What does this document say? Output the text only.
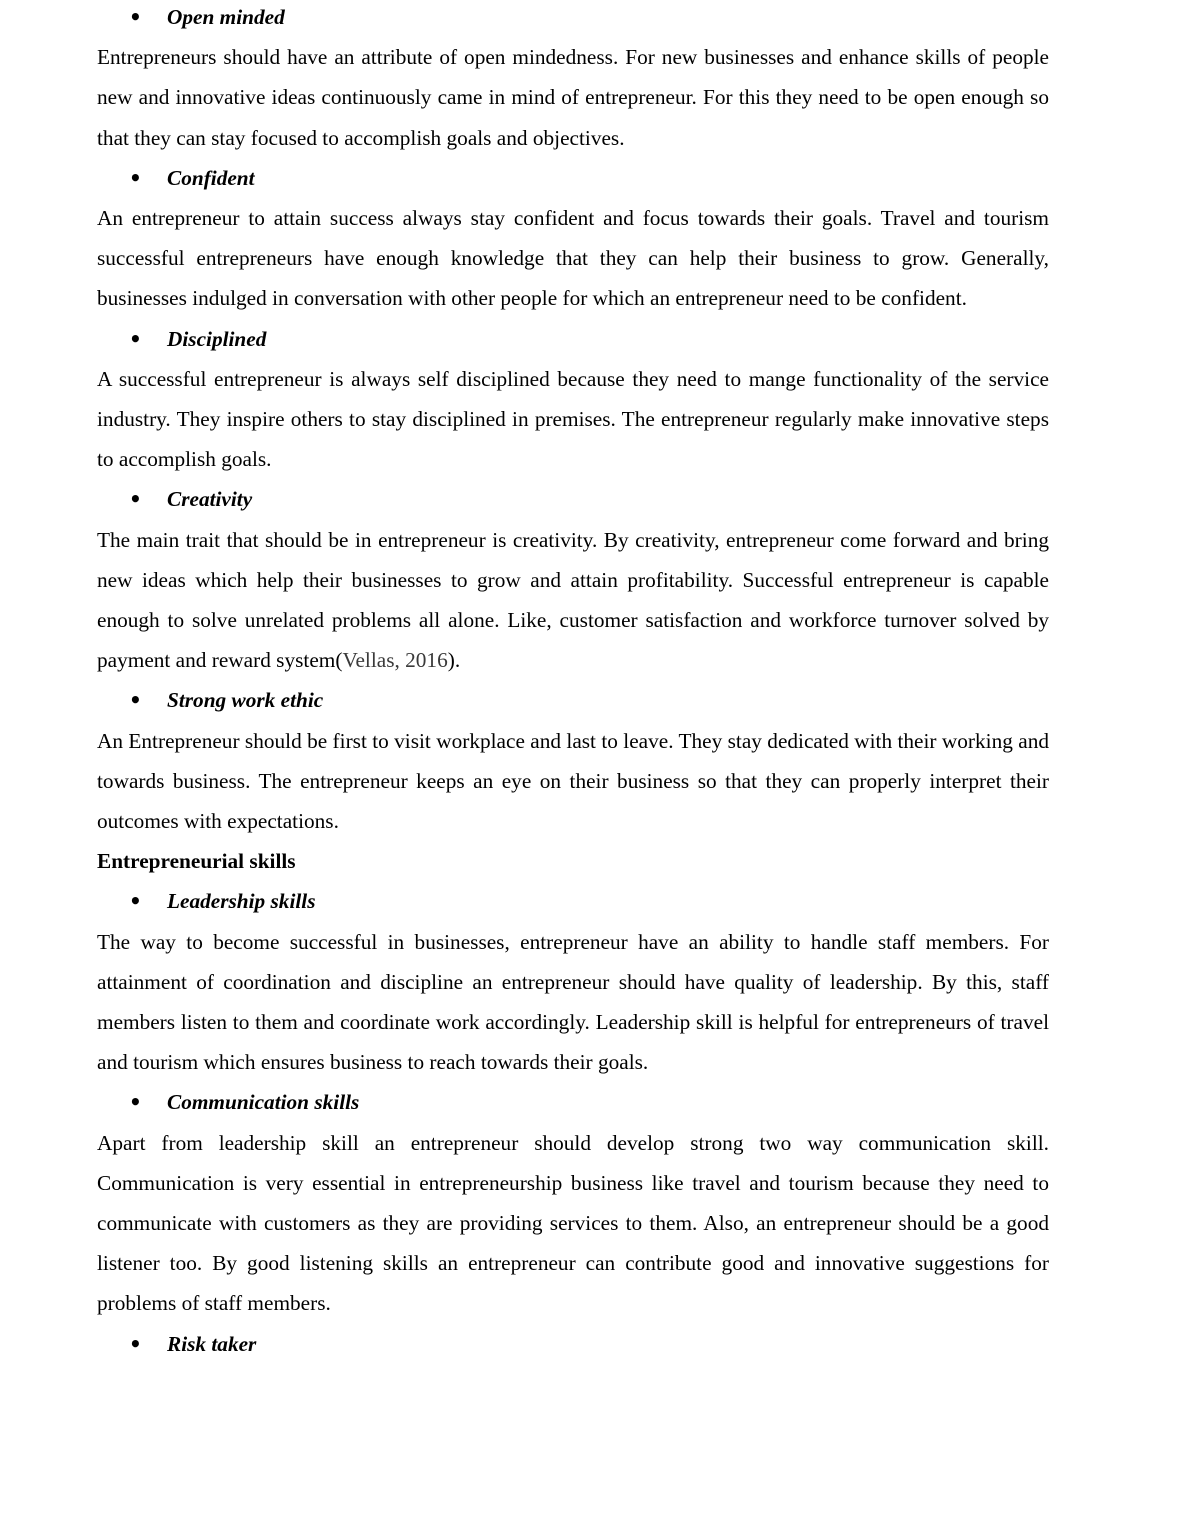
•	Open minded

Entrepreneurs should have an attribute of open mindedness. For new businesses and enhance skills of people new and innovative ideas continuously came in mind of entrepreneur. For this they need to be open enough so that they can stay focused to accomplish goals and objectives.

•	Confident

An entrepreneur to attain success always stay confident and focus towards their goals. Travel and tourism successful entrepreneurs have enough knowledge that they can help their business to grow. Generally, businesses indulged in conversation with other people for which an entrepreneur need to be confident.

•	Disciplined

A successful entrepreneur is always self disciplined because they need to mange functionality of the service industry. They inspire others to stay disciplined in premises. The entrepreneur regularly make innovative steps to accomplish goals.

•	Creativity

The main trait that should be in entrepreneur is creativity. By creativity, entrepreneur come forward and bring new ideas which help their businesses to grow and attain profitability. Successful entrepreneur is capable enough to solve unrelated problems all alone. Like, customer satisfaction and workforce turnover solved by payment and reward system(Vellas, 2016).

•	Strong work ethic

An Entrepreneur should be first to visit workplace and last to leave. They stay dedicated with their working and towards business. The entrepreneur keeps an eye on their business so that they can properly interpret their outcomes with expectations.

Entrepreneurial skills

•	Leadership skills

The way to become successful in businesses, entrepreneur have an ability to handle staff members. For attainment of coordination and discipline an entrepreneur should have quality of leadership. By this, staff members listen to them and coordinate work accordingly. Leadership skill is helpful for entrepreneurs of travel and tourism which ensures business to reach towards their goals.

•	Communication skills

Apart from leadership skill an entrepreneur should develop strong two way communication skill. Communication is very essential in entrepreneurship business like travel and tourism because they need to communicate with customers as they are providing services to them. Also, an entrepreneur should be a good listener too. By good listening skills an entrepreneur can contribute good and innovative suggestions for problems of staff members.

•	Risk taker
